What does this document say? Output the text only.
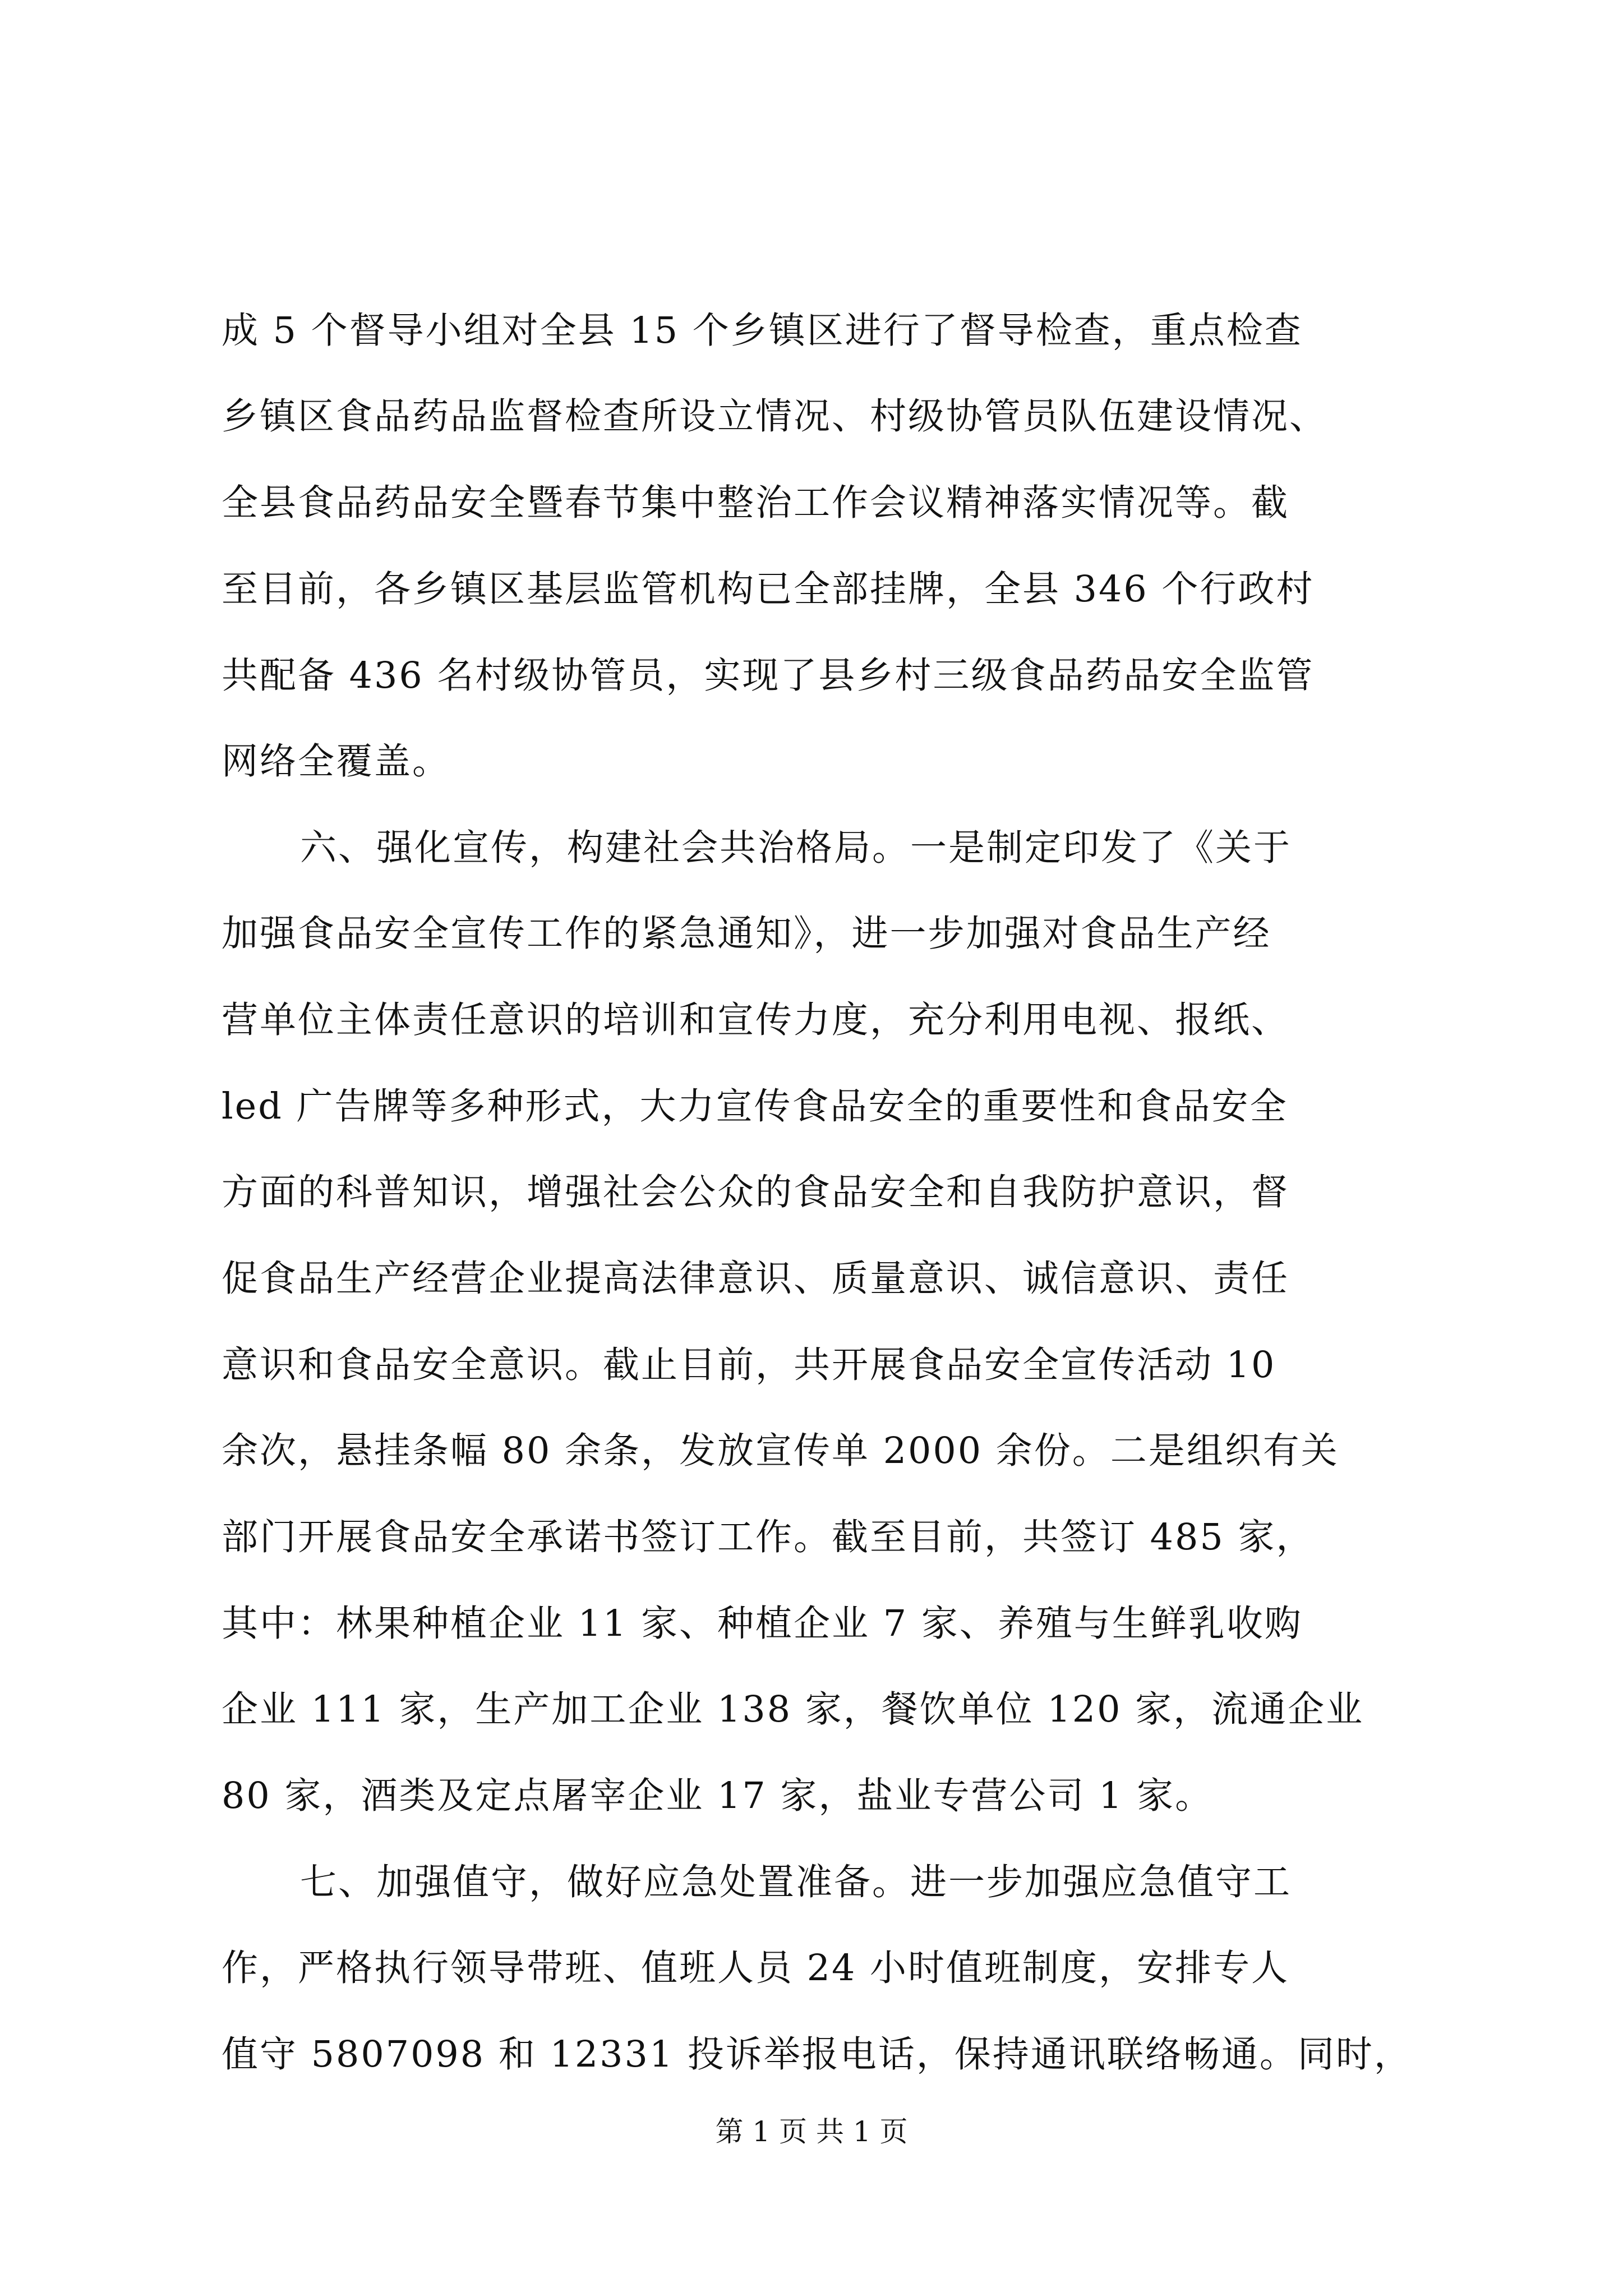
成 5 个督导小组对全县 15 个乡镇区进行了督导检查，重点检查
乡镇区食品药品监督检查所设立情况、村级协管员队伍建设情况、
全县食品药品安全暨春节集中整治工作会议精神落实情况等。截
至目前，各乡镇区基层监管机构已全部挂牌，全县 346 个行政村
共配备 436 名村级协管员，实现了县乡村三级食品药品安全监管
网络全覆盖。
六、强化宣传，构建社会共治格局。一是制定印发了《关于
加强食品安全宣传工作的紧急通知》，进一步加强对食品生产经
营单位主体责任意识的培训和宣传力度，充分利用电视、报纸、
led 广告牌等多种形式，大力宣传食品安全的重要性和食品安全
方面的科普知识，增强社会公众的食品安全和自我防护意识，督
促食品生产经营企业提高法律意识、质量意识、诚信意识、责任
意识和食品安全意识。截止目前，共开展食品安全宣传活动 10
余次，悬挂条幅 80 余条，发放宣传单 2000 余份。二是组织有关
部门开展食品安全承诺书签订工作。截至目前，共签订 485 家，
其中：林果种植企业 11 家、种植企业 7 家、养殖与生鲜乳收购
企业 111 家，生产加工企业 138 家，餐饮单位 120 家，流通企业
80 家，酒类及定点屠宰企业 17 家，盐业专营公司 1 家。
七、加强值守，做好应急处置准备。进一步加强应急值守工
作，严格执行领导带班、值班人员 24 小时值班制度，安排专人
值守 5807098 和 12331 投诉举报电话，保持通讯联络畅通。同时，
第 1 页 共 1 页
